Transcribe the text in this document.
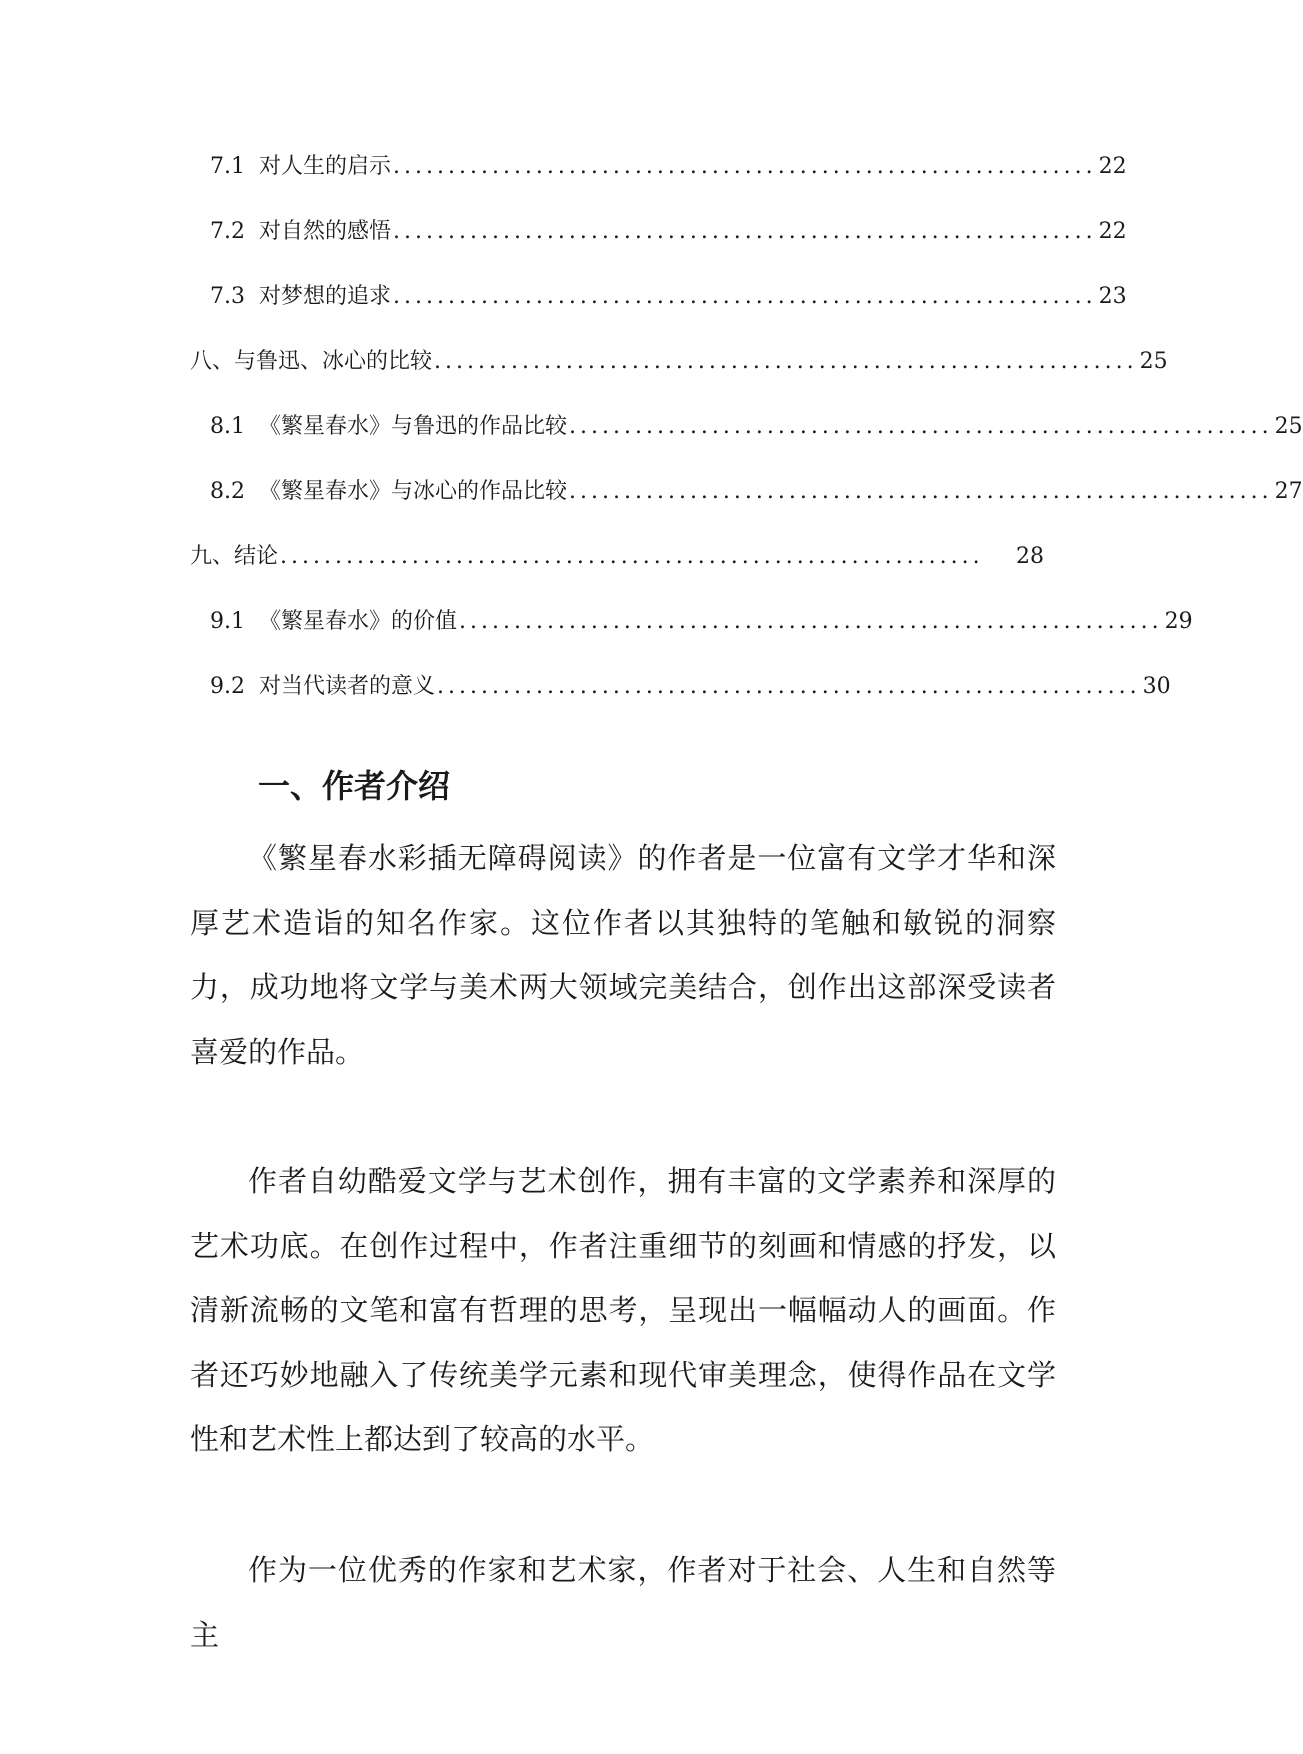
7.1 对人生的启示 ................................................................ 22
7.2 对自然的感悟 ................................................................ 22
7.3 对梦想的追求 ................................................................ 23
八、与鲁迅、冰心的比较 ................................................................ 25
8.1 《繁星春水》与鲁迅的作品比较 ................................................................ 25
8.2 《繁星春水》与冰心的作品比较 ................................................................ 27
九、结论 ................................................................	28
9.1 《繁星春水》的价值 ................................................................ 29
9.2 对当代读者的意义 ................................................................ 30
一、作者介绍

《繁星春水彩插无障碍阅读》的作者是一位富有文学才华和深厚艺术造诣的知名作家。这位作者以其独特的笔触和敏锐的洞察力，成功地将文学与美术两大领域完美结合，创作出这部深受读者喜爱的作品。

作者自幼酷爱文学与艺术创作，拥有丰富的文学素养和深厚的艺术功底。在创作过程中，作者注重细节的刻画和情感的抒发，以清新流畅的文笔和富有哲理的思考，呈现出一幅幅动人的画面。作者还巧妙地融入了传统美学元素和现代审美理念，使得作品在文学性和艺术性上都达到了较高的水平。

作为一位优秀的作家和艺术家，作者对于社会、人生和自然等主
